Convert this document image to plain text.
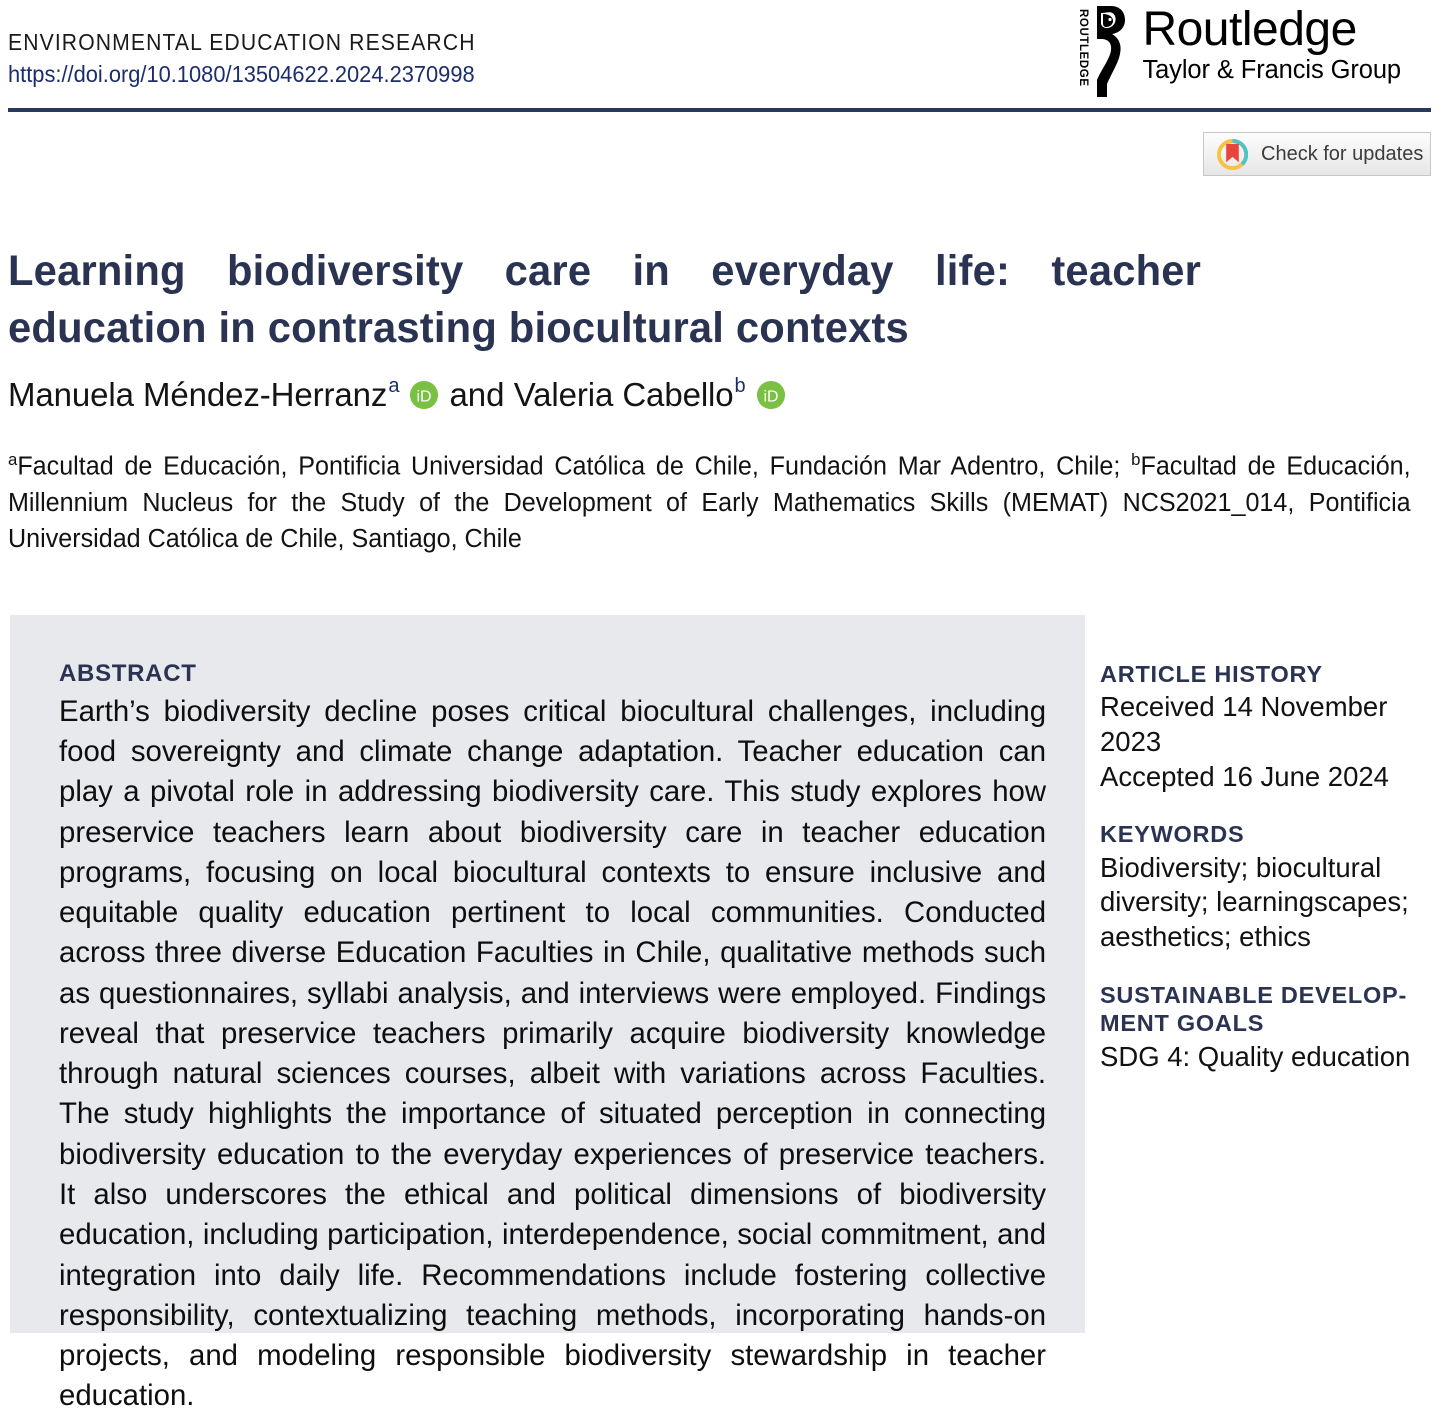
ENVIRONMENTAL EDUCATION RESEARCH
https://doi.org/10.1080/13504622.2024.2370998	ROUTLEDGE Routledge
Taylor & Francis Group
Check for updates
Learning biodiversity care in everyday life: teacher education in contrasting biocultural contexts
Manuela Méndez-Herranz a
iD and
Valeria Cabello b
iD
$^a$Facultad de Educación, Pontificia Universidad Católica de Chile, Fundación Mar Adentro, Chile; $^b$Facultad de Educación, Millennium Nucleus for the Study of the Development of Early Mathematics Skills (MEMAT) NCS2021_014, Pontificia Universidad Católica de Chile, Santiago, Chile
ABSTRACT

Earth’s biodiversity decline poses critical biocultural challenges, including food sovereignty and climate change adaptation. Teacher education can play a pivotal role in addressing biodiversity care. This study explores how preservice teachers learn about biodiversity care in teacher education programs, focusing on local biocultural contexts to ensure inclusive and equitable quality education pertinent to local communities. Conducted across three diverse Education Faculties in Chile, qualitative methods such as questionnaires, syllabi analysis, and interviews were employed. Findings reveal that preservice teachers primarily acquire biodiversity knowledge through natural sciences courses, albeit with variations across Faculties. The study highlights the importance of situated perception in connecting biodiversity education to the everyday experiences of preservice teachers. It also underscores the ethical and political dimensions of biodiversity education, including participation, interdependence, social commitment, and integration into daily life. Recommendations include fostering collective responsibility, contextualizing teaching methods, incorporating hands-on projects, and modeling responsible biodiversity stewardship in teacher education.

ARTICLE HISTORY
Received 14 November 2023
Accepted 16 June 2024
KEYWORDS
Biodiversity; biocultural diversity; learningscapes; aesthetics; ethics
SUSTAINABLE DEVELOP- MENT GOALS
SDG 4: Quality education
